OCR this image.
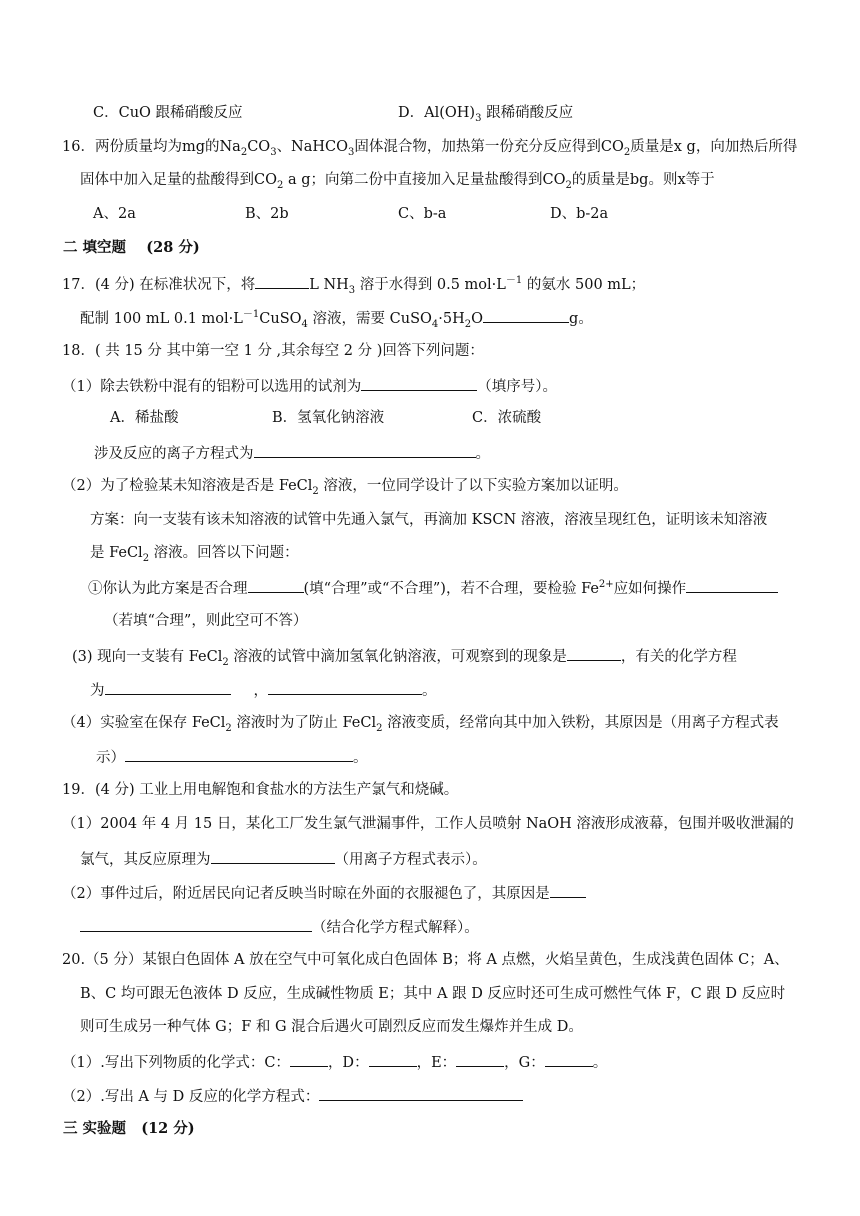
C．CuO 跟稀硝酸反应	D．$Al(OH)_3$ 跟稀硝酸反应
16．两份质量均为mg的$Na_2CO_3$、NaHCO$_3$固体混合物，加热第一份充分反应得到$CO_2$质量是x g，向加热后所得
固体中加入足量的盐酸得到$CO_2$ a g；向第二份中直接加入足量盐酸得到$CO_2$的质量是bg。则x等于
A、2a	B、2b	C、b-a	D、b-2a
二 填空题 (28 分)
17．(4 分) 在标准状况下，将	L $NH_3$ 溶于水得到 0.5 $mol\cdot L^{-1}$ 的氨水 500 mL；
配制 100 mL 0.1 $mol\cdot L^{-1}CuSO_4$ 溶液，需要 $CuSO_4\cdot 5H_2O$	g。
18．( 共 15 分 其中第一空 1 分 ,其余每空 2 分 )回答下列问题：
（1）除去铁粉中混有的铝粉可以选用的试剂为	（填序号）。
A．稀盐酸	B．氢氧化钠溶液	C．浓硫酸
涉及反应的离子方程式为	。
（2）为了检验某未知溶液是否是 FeCl$_2$ 溶液，一位同学设计了以下实验方案加以证明。
方案：向一支装有该未知溶液的试管中先通入氯气，再滴加 KSCN 溶液，溶液呈现红色，证明该未知溶液
是 FeCl$_2$ 溶液。回答以下问题：
①你认为此方案是否合理	(填“合理”或“不合理”)，若不合理，要检验 $Fe^{2+}$应如何操作
（若填“合理”，则此空可不答）
(3) 现向一支装有 FeCl$_2$ 溶液的试管中滴加氢氧化钠溶液，可观察到的现象是	，有关的化学方程
为	，	。
（4）实验室在保存 FeCl$_2$ 溶液时为了防止 FeCl$_2$ 溶液变质，经常向其中加入铁粉，其原因是（用离子方程式表
示）	。
19．(4 分) 工业上用电解饱和食盐水的方法生产氯气和烧碱。
（1）2004 年 4 月 15 日，某化工厂发生氯气泄漏事件，工作人员喷射 NaOH 溶液形成液幕，包围并吸收泄漏的
氯气，其反应原理为	（用离子方程式表示）。
（2）事件过后，附近居民向记者反映当时晾在外面的衣服褪色了，其原因是
（结合化学方程式解释）。
20.（5 分）某银白色固体 A 放在空气中可氧化成白色固体 B；将 A 点燃，火焰呈黄色，生成浅黄色固体 C；A、
B、C 均可跟无色液体 D 反应，生成碱性物质 E；其中 A 跟 D 反应时还可生成可燃性气体 F，C 跟 D 反应时
则可生成另一种气体 G；F 和 G 混合后遇火可剧烈反应而发生爆炸并生成 D。
（1）.写出下列物质的化学式：C：	，D：	，E：	，G：	。
（2）.写出 A 与 D 反应的化学方程式：
三 实验题 (12 分)
